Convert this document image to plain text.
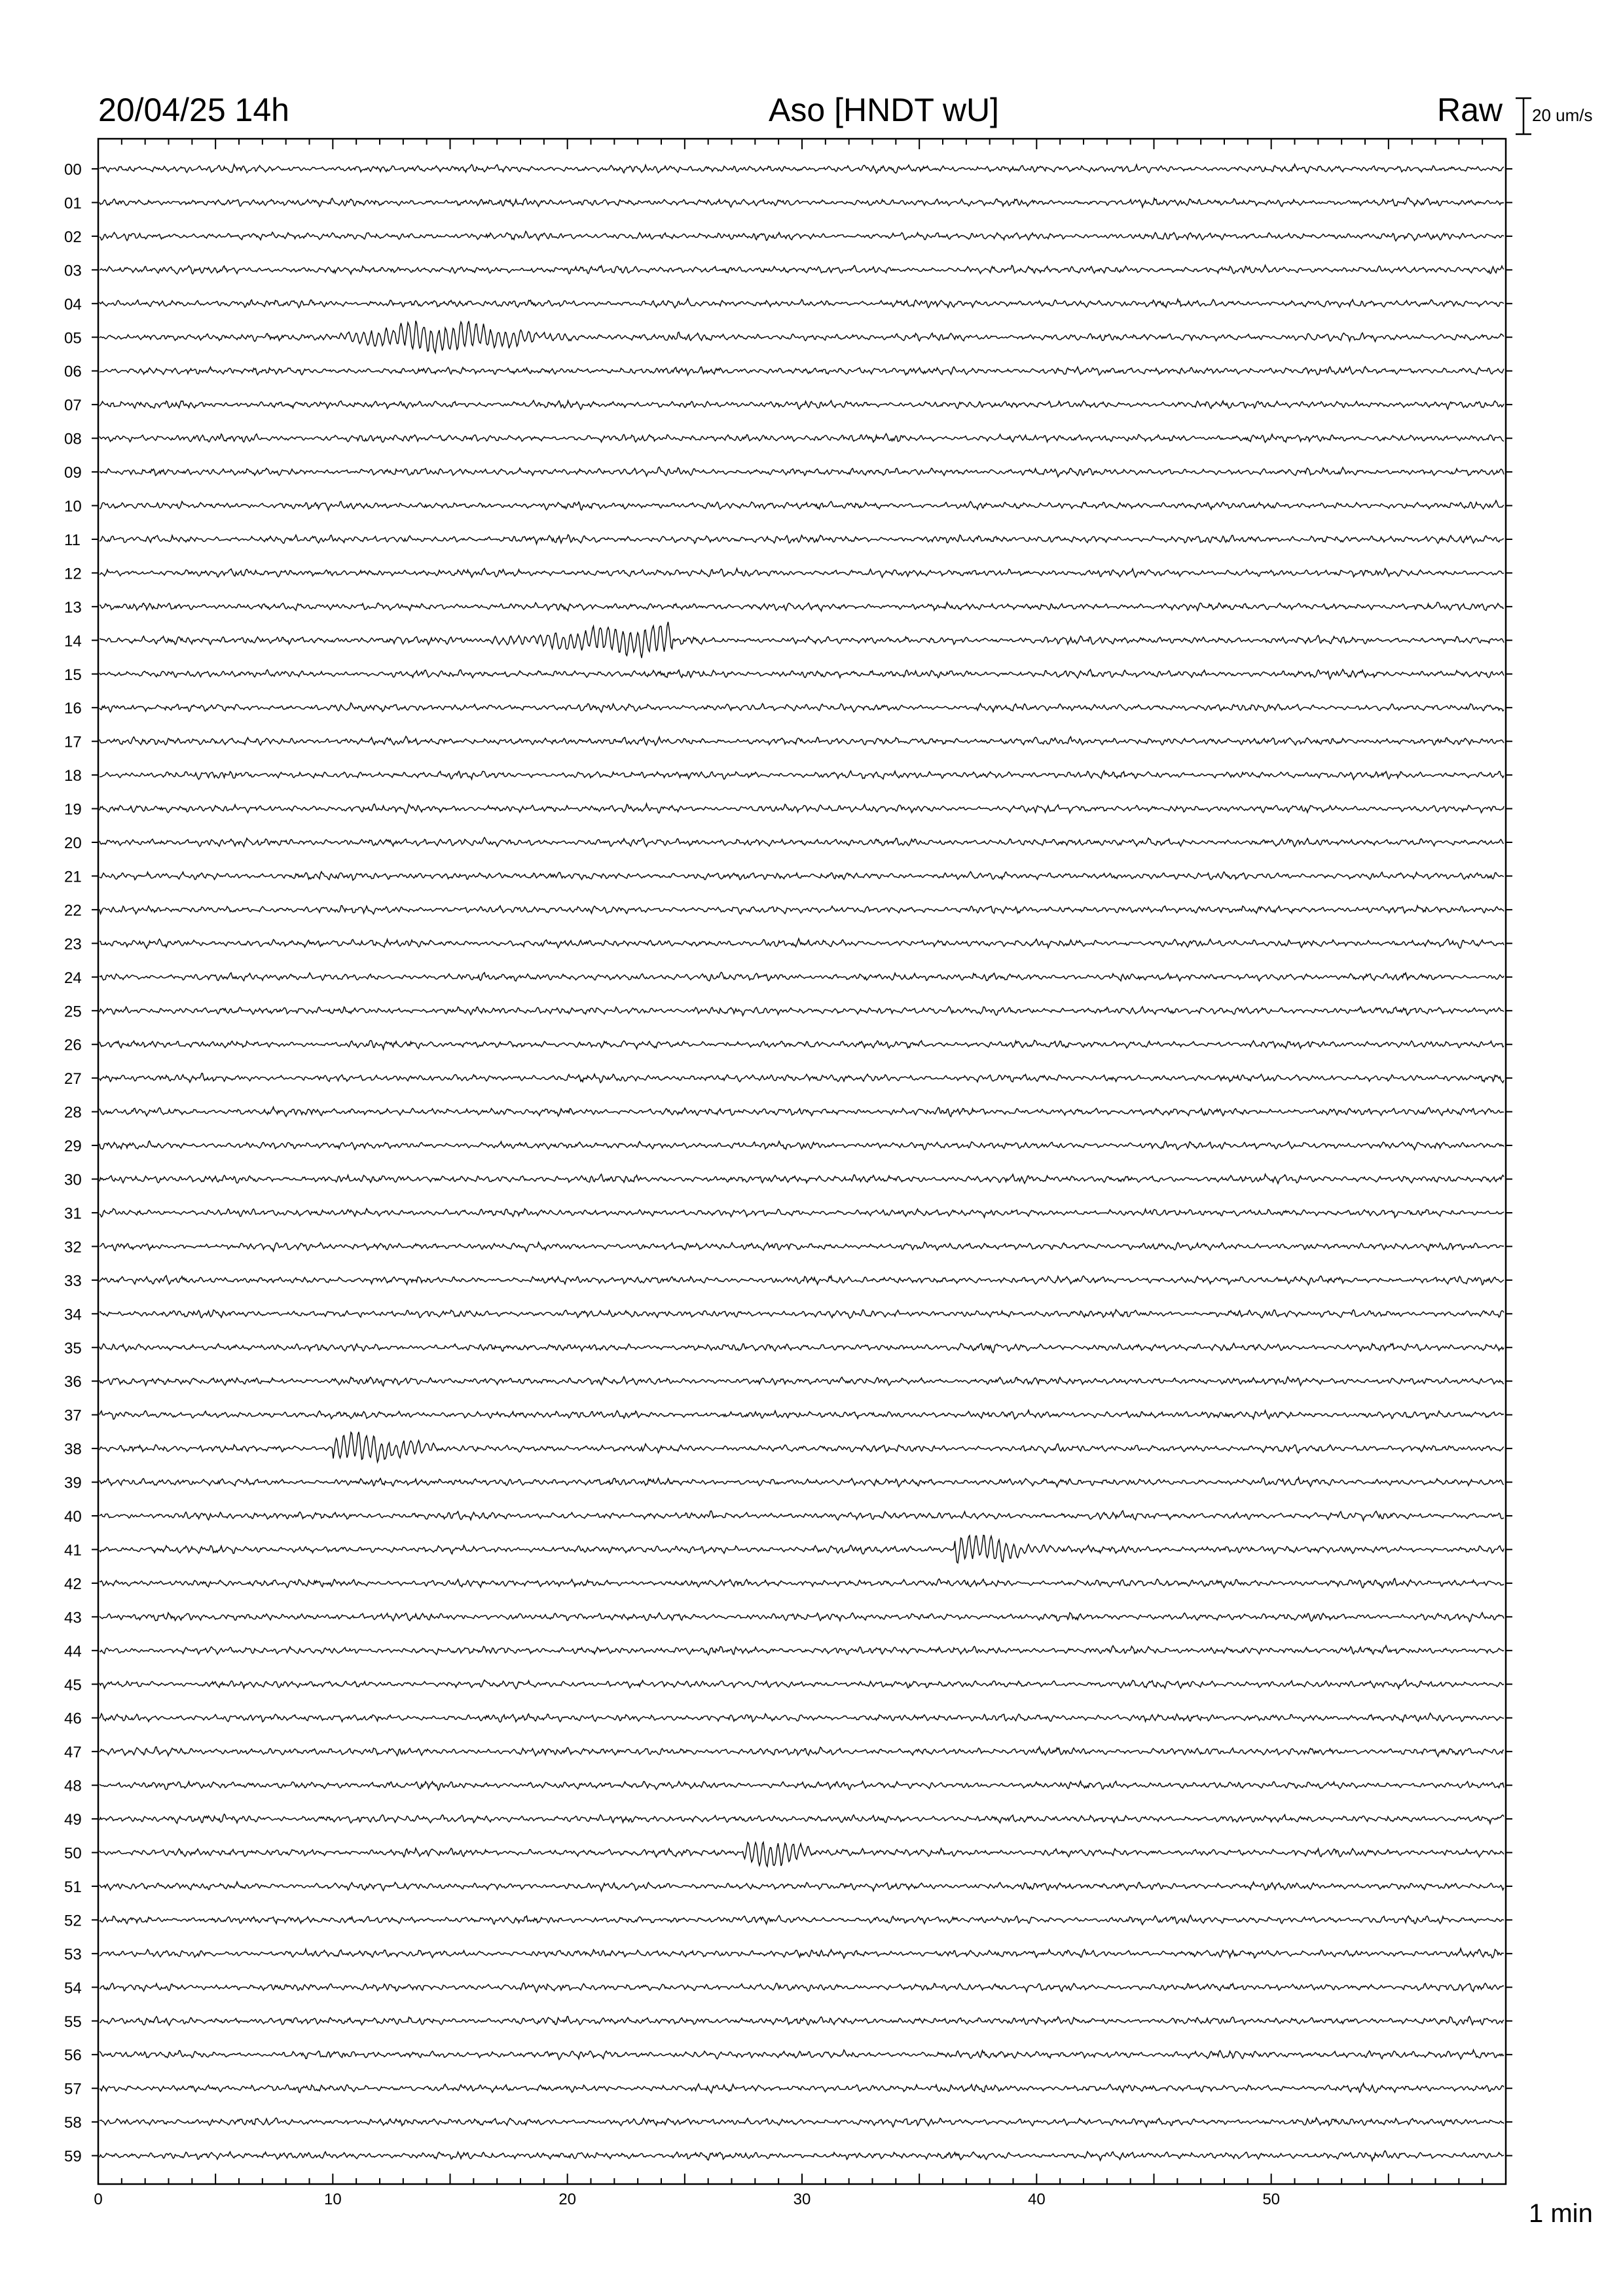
00
01
02
03
04
05
06
07
08
09
10
11
12
13
14
15
16
17
18
19
20
21
22
23
24
25
26
27
28
29
30
31
32
33
34
35
36
37
38
39
40
41
42
43
44
45
46
47
48
49
50
51
52
53
54
55
56
57
58
59
0	10	20	30	40	50
20/04/25 14h	Aso [HNDT wU]	Raw 20 um/s
1 min
